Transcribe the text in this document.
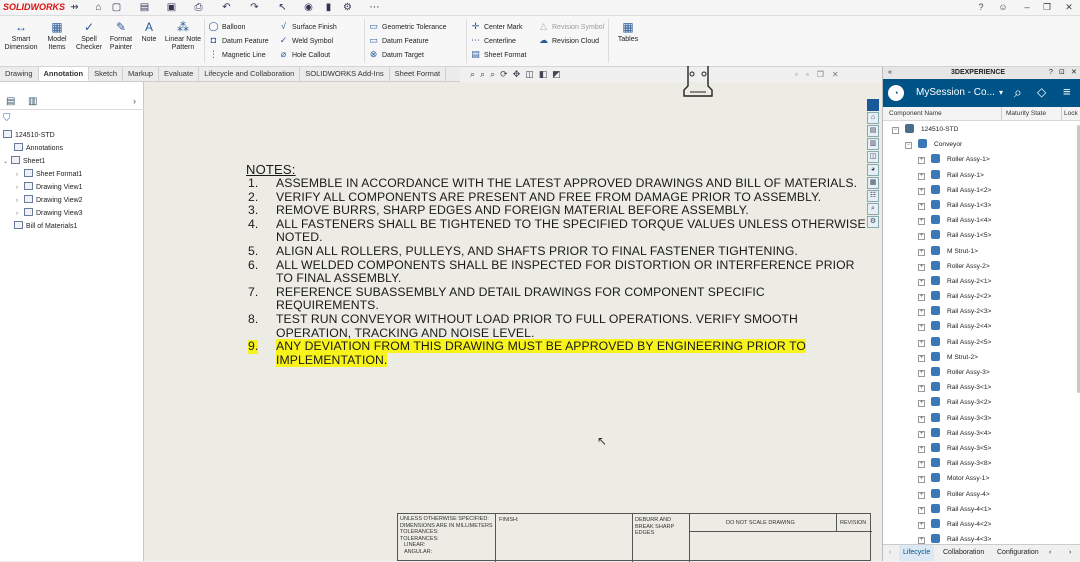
SOLIDWORKS ⇸	⌂	▢ ▤ ▣ ⎙ ↶ ↷ ↖ ◉	▮	⚙ ⋯	?	☺	–	❐	✕
↔
Smart
Dimension
▦
Model
Items
✓
Spell
Checker
✎
Format
Painter
A
Note
⁂
Linear Note
Pattern
◯ Balloon
◘ Datum Feature
⋮ Magnetic Line
√ Surface Finish
✓ Weld Symbol
⌀ Hole Callout
▭ Geometric Tolerance
▭ Datum Feature
⊗ Datum Target
✛ Center Mark
⋯ Centerline
▤ Sheet Format
△ Revision Symbol
☁ Revision Cloud
▦
Tables
Drawing	Annotation	Sketch	Markup	Evaluate	Lifecycle and Collaboration	SOLIDWORKS Add-Ins	Sheet Format
▤ ▥	›
⛉
124510-STD
Annotations
⌄ Sheet1
›	Sheet Format1
›	Drawing View1
›	Drawing View2
›	Drawing View3
Bill of Materials1
⌕⌕⌕⟳✥◫◧◩	▫▫❐✕
NOTES:
1. ASSEMBLE IN ACCORDANCE WITH THE LATEST APPROVED DRAWINGS AND BILL OF MATERIALS.
2. VERIFY ALL COMPONENTS ARE PRESENT AND FREE FROM DAMAGE PRIOR TO ASSEMBLY.
3. REMOVE BURRS, SHARP EDGES AND FOREIGN MATERIAL BEFORE ASSEMBLY.
4. ALL FASTENERS SHALL BE TIGHTENED TO THE SPECIFIED TORQUE VALUES UNLESS OTHERWISE NOTED.
5. ALIGN ALL ROLLERS, PULLEYS, AND SHAFTS PRIOR TO FINAL FASTENER TIGHTENING.
6. ALL WELDED COMPONENTS SHALL BE INSPECTED FOR DISTORTION OR INTERFERENCE PRIOR TO FINAL ASSEMBLY.
7. REFERENCE SUBASSEMBLY AND DETAIL DRAWINGS FOR COMPONENT SPECIFIC REQUIREMENTS.
8. TEST RUN CONVEYOR WITHOUT LOAD PRIOR TO FULL OPERATIONS. VERIFY SMOOTH OPERATION, TRACKING AND NOISE LEVEL.
9. ANY DEVIATION FROM THIS DRAWING MUST BE APPROVED BY ENGINEERING PRIOR TO IMPLEMENTATION.
↖
UNLESS OTHERWISE SPECIFIED:
DIMENSIONS ARE IN MILLIMETERS
TOLERANCES:
TOLERANCES:
LINEAR:
ANGULAR:
FINISH:	DEBURR AND
BREAK SHARP
EDGES
DO NOT SCALE DRAWING	REVISION
⌂
▤
▥
◫
◕
▦
☷
⌕
⚙
«	3DEXPERIENCE	? ⊡ ✕
◔	MySession - Co... ▾ ⌕ ◇ ≡
Component Name	Maturity State	Lock
−	124510-STD
−	Conveyor
+	Roller Assy-1>
+	Rail Assy-1>
+	Rail Assy-1<2>
+	Rail Assy-1<3>
+	Rail Assy-1<4>
+	Rail Assy-1<5>
+	M Strut-1>
+	Roller Assy-2>
+	Rail Assy-2<1>
+	Rail Assy-2<2>
+	Rail Assy-2<3>
+	Rail Assy-2<4>
+	Rail Assy-2<5>
+	M Strut-2>
+	Roller Assy-3>
+	Rail Assy-3<1>
+	Rail Assy-3<2>
+	Rail Assy-3<3>
+	Rail Assy-3<4>
+	Rail Assy-3<5>
+	Rail Assy-3<8>
+	Motor Assy-1>
+	Roller Assy-4>
+	Rail Assy-4<1>
+	Rail Assy-4<2>
+	Rail Assy-4<3>
‹	Lifecycle	Collaboration	Configuration	‹	›
